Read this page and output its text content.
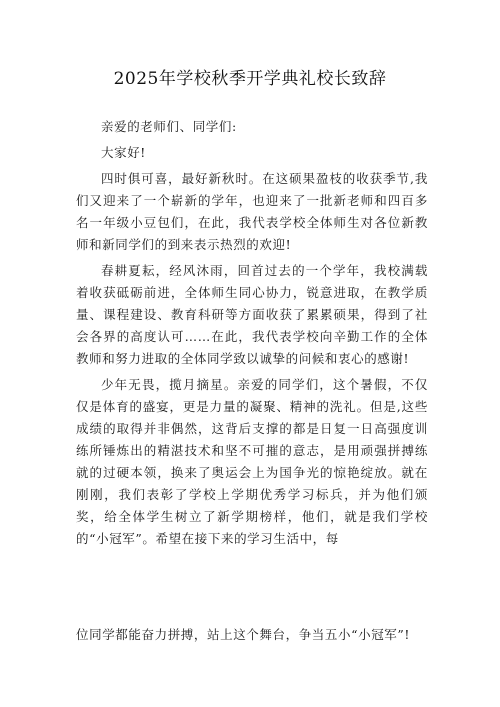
2025年学校秋季开学典礼校长致辞

亲爱的老师们、同学们:

大家好!

四时俱可喜，最好新秋时。在这硕果盈枝的收获季节,我们又迎来了一个崭新的学年，也迎来了一批新老师和四百多名一年级小豆包们，在此，我代表学校全体师生对各位新教师和新同学们的到来表示热烈的欢迎!

春耕夏耘，经风沐雨，回首过去的一个学年，我校满载着收获砥砺前进，全体师生同心协力，锐意进取，在教学质量、课程建设、教育科研等方面收获了累累硕果，得到了社会各界的高度认可……在此，我代表学校向辛勤工作的全体教师和努力进取的全体同学致以诚挚的问候和衷心的感谢!

少年无畏，揽月摘星。亲爱的同学们，这个暑假，不仅仅是体育的盛宴，更是力量的凝聚、精神的洗礼。但是,这些成绩的取得并非偶然，这背后支撑的都是日复一日高强度训练所锤炼出的精湛技术和坚不可摧的意志，是用顽强拼搏练就的过硬本领，换来了奥运会上为国争光的惊艳绽放。就在刚刚，我们表彰了学校上学期优秀学习标兵，并为他们颁奖，给全体学生树立了新学期榜样，他们，就是我们学校的“小冠军”。希望在接下来的学习生活中，每

位同学都能奋力拼搏，站上这个舞台，争当五小“小冠军”!
